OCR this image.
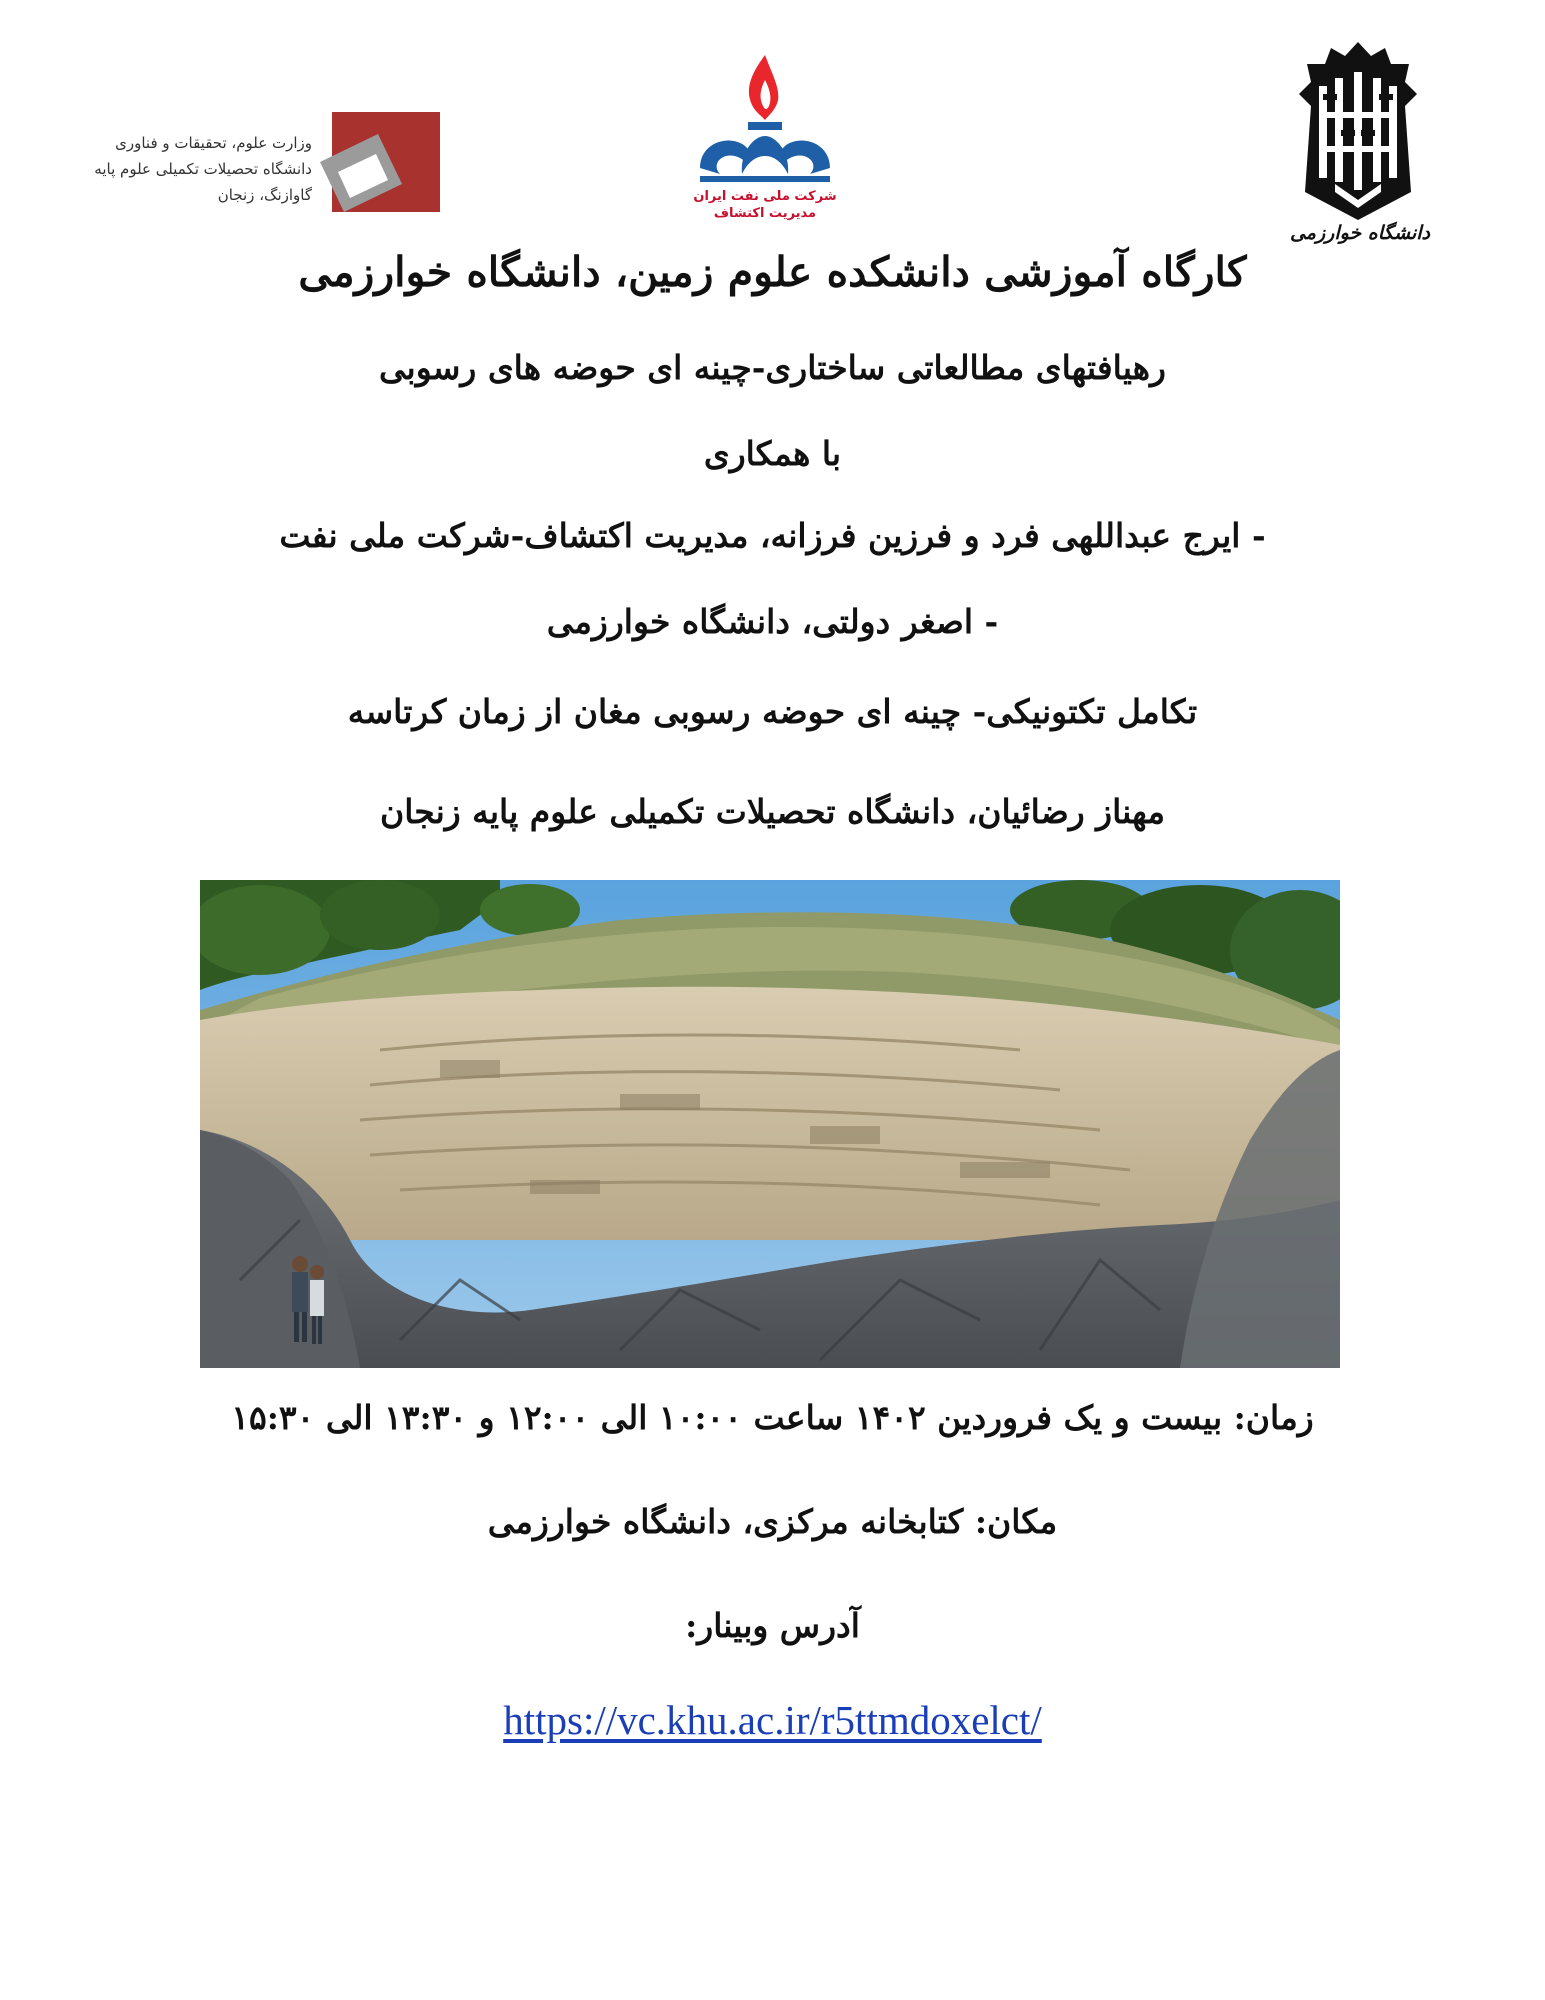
وزارت علوم، تحقیقات و فناوری
دانشگاه تحصیلات تکمیلی علوم پایه
گاوازنگ، زنجان	شرکت ملی نفت ایران
مدیریت اکتشاف
دانشگاه خوارزمی
کارگاه آموزشی دانشکده علوم زمین، دانشگاه خوارزمی
رهیافتهای مطالعاتی ساختاری-چینه ای حوضه های رسوبی
با همکاری
- ایرج عبداللهی فرد و فرزین فرزانه، مدیریت اکتشاف-شرکت ملی نفت
- اصغر دولتی، دانشگاه خوارزمی
تکامل تکتونیکی- چینه ای حوضه رسوبی مغان از زمان کرتاسه
مهناز رضائیان، دانشگاه تحصیلات تکمیلی علوم پایه زنجان
زمان: بیست و یک فروردین ۱۴۰۲ ساعت ۱۰:۰۰ الی ۱۲:۰۰ و ۱۳:۳۰ الی ۱۵:۳۰
مکان: کتابخانه مرکزی، دانشگاه خوارزمی
آدرس وبینار:
https://vc.khu.ac.ir/r5ttmdoxelct/
